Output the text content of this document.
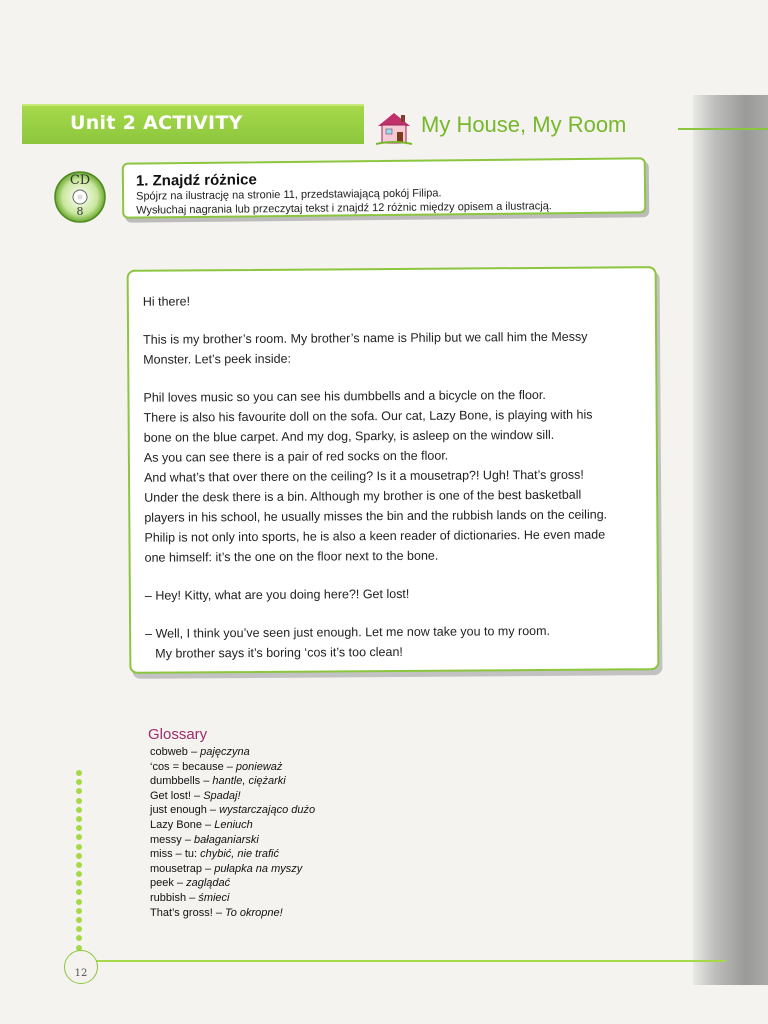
Unit 2 ACTIVITY	My House, My Room
CD
8
1. Znajdź różnice
Spójrz na ilustrację na stronie 11, przedstawiającą pokój Filipa.
Wysłuchaj nagrania lub przeczytaj tekst i znajdź 12 różnic między opisem a ilustracją.

Hi there!

This is my brother’s room. My brother’s name is Philip but we call him the Messy

Monster. Let’s peek inside:

Phil loves music so you can see his dumbbells and a bicycle on the floor.

There is also his favourite doll on the sofa. Our cat, Lazy Bone, is playing with his

bone on the blue carpet. And my dog, Sparky, is asleep on the window sill.

As you can see there is a pair of red socks on the floor.

And what’s that over there on the ceiling? Is it a mousetrap?! Ugh! That’s gross!

Under the desk there is a bin. Although my brother is one of the best basketball

players in his school, he usually misses the bin and the rubbish lands on the ceiling.

Philip is not only into sports, he is also a keen reader of dictionaries. He even made

one himself: it’s the one on the floor next to the bone.

– Hey! Kitty, what are you doing here?! Get lost!

– Well, I think you’ve seen just enough. Let me now take you to my room.

My brother says it’s boring ‘cos it’s too clean!

Glossary
cobweb – pajęczyna
‘cos = because – ponieważ
dumbbells – hantle, ciężarki
Get lost! – Spadaj!
just enough – wystarczająco dużo
Lazy Bone – Leniuch
messy – bałaganiarski
miss – tu: chybić, nie trafić
mousetrap – pułapka na myszy
peek – zaglądać
rubbish – śmieci
That’s gross! – To okropne!
12
